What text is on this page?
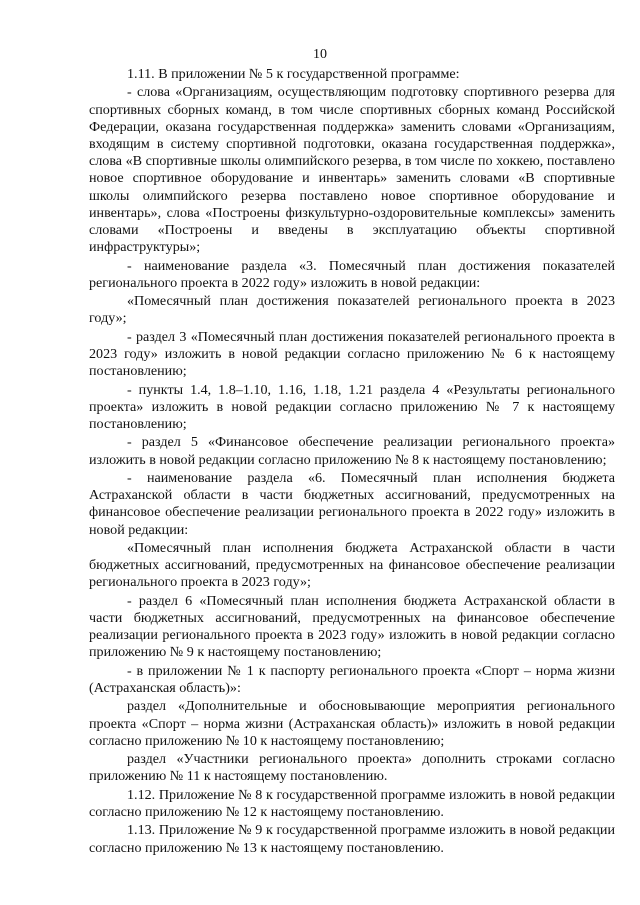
10

1.11. В приложении № 5 к государственной программе:

- слова «Организациям, осуществляющим подготовку спортивного резерва для спортивных сборных команд, в том числе спортивных сборных команд Российской Федерации, оказана государственная поддержка» заменить словами «Организациям, входящим в систему спортивной подготовки, оказана государственная поддержка», слова «В спортивные школы олимпийского резерва, в том числе по хоккею, поставлено новое спортивное оборудование и инвентарь» заменить словами «В спортивные школы олимпийского резерва поставлено новое спортивное оборудование и инвентарь», слова «Построены физкультурно-оздоровительные комплексы» заменить словами «Построены и введены в эксплуатацию объекты спортивной инфраструктуры»;

- наименование раздела «3. Помесячный план достижения показателей регионального проекта в 2022 году» изложить в новой редакции:

«Помесячный план достижения показателей регионального проекта в 2023 году»;

- раздел 3 «Помесячный план достижения показателей регионального проекта в 2023 году» изложить в новой редакции согласно приложению № 6 к настоящему постановлению;

- пункты 1.4, 1.8–1.10, 1.16, 1.18, 1.21 раздела 4 «Результаты регионального проекта» изложить в новой редакции согласно приложению № 7 к настоящему постановлению;

- раздел 5 «Финансовое обеспечение реализации регионального проекта» изложить в новой редакции согласно приложению № 8 к настоящему постановлению;

- наименование раздела «6. Помесячный план исполнения бюджета Астраханской области в части бюджетных ассигнований, предусмотренных на финансовое обеспечение реализации регионального проекта в 2022 году» изложить в новой редакции:

«Помесячный план исполнения бюджета Астраханской области в части бюджетных ассигнований, предусмотренных на финансовое обеспечение реализации регионального проекта в 2023 году»;

- раздел 6 «Помесячный план исполнения бюджета Астраханской области в части бюджетных ассигнований, предусмотренных на финансовое обеспечение реализации регионального проекта в 2023 году» изложить в новой редакции согласно приложению № 9 к настоящему постановлению;

- в приложении № 1 к паспорту регионального проекта «Спорт – норма жизни (Астраханская область)»:

раздел «Дополнительные и обосновывающие мероприятия регионального проекта «Спорт – норма жизни (Астраханская область)» изложить в новой редакции согласно приложению № 10 к настоящему постановлению;

раздел «Участники регионального проекта» дополнить строками согласно приложению № 11 к настоящему постановлению.

1.12. Приложение № 8 к государственной программе изложить в новой редакции согласно приложению № 12 к настоящему постановлению.

1.13. Приложение № 9 к государственной программе изложить в новой редакции согласно приложению № 13 к настоящему постановлению.
